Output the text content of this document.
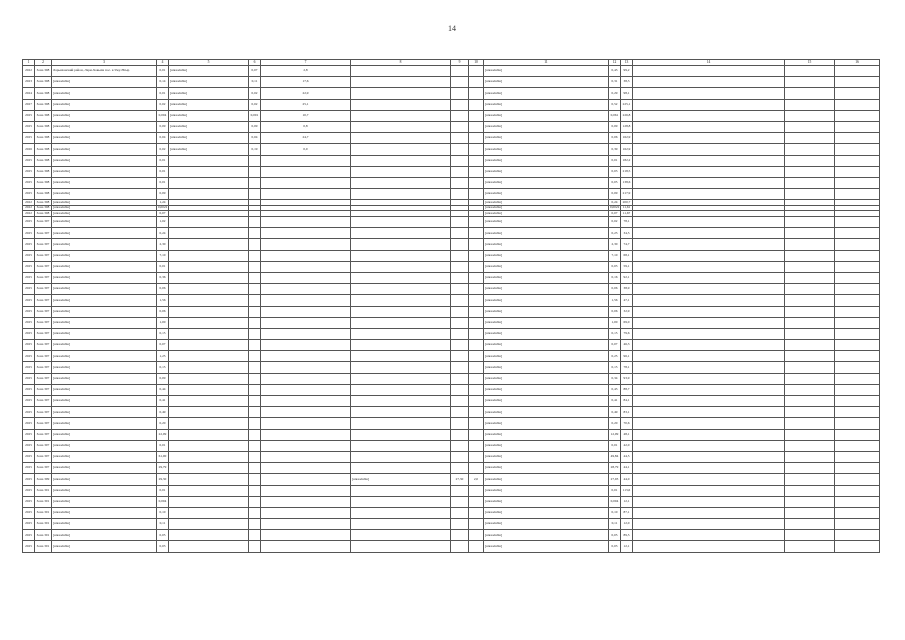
14
1	2	3	4	5	6	7	8	9	10	11	12	13	14	15	16
2022	Зона 308	Ларьяханский район, Лари-Ховыли пос. в Ужу-Нгыр	0,01	[unreadable]	0,07	2,8				[unreadable]	0,43	99,2			
2023	Зона 308	[unreadable]	0,14	[unreadable]	0,11	17,6				[unreadable]	0,31	38,3			
2024	Зона 308	[unreadable]	0,01	[unreadable]	0,02	22,9				[unreadable]	0,29	98,1			
2027	Зона 308	[unreadable]	0,02	[unreadable]	0,02	25,1				[unreadable]	0,52	225,1			
2025	Зона 308	[unreadable]	0,004	[unreadable]	0,001	10,7				[unreadable]	0,061	226,8			
2025	Зона 308	[unreadable]	0,09	[unreadable]	0,09	0,8				[unreadable]	0,09	128,8			
2025	Зона 308	[unreadable]	0,04	[unreadable]	0,04	24,7				[unreadable]	0,06	162,9			
2026	Зона 308	[unreadable]	0,02	[unreadable]	0,19	0,0				[unreadable]	0,39	162,9			
2025	Зона 308	[unreadable]	0,01							[unreadable]	0,01	182,2			
2025	Зона 308	[unreadable]	0,01							[unreadable]	0,03	218,5			
2025	Зона 308	[unreadable]	0,01							[unreadable]	0,05	138,6			
2025	Зона 308	[unreadable]	0,09							[unreadable]	0,09	217,9			
2022	Зона 308	[unreadable]	1,24							[unreadable]	0,24	200,7			
2022	Зона 308	[unreadable]	0,0022							[unreadable]	0,0022	11,61			
2022	Зона 308	[unreadable]	0,07							[unreadable]	0,07	11,67			
2025	Зона 307	[unreadable]	1,02							[unreadable]	0,02	78,1			
2025	Зона 307	[unreadable]	0,24							[unreadable]	0,23	34,5			
2025	Зона 307	[unreadable]	2,30							[unreadable]	2,30	74,7			
2025	Зона 307	[unreadable]	7,10							[unreadable]	7,10	68,1			
2025	Зона 307	[unreadable]	0,01							[unreadable]	0,03	59,1			
2025	Зона 307	[unreadable]	0,36							[unreadable]	0,16	92,1			
2025	Зона 307	[unreadable]	0,06							[unreadable]	0,06	38,9			
2025	Зона 307	[unreadable]	1,56							[unreadable]	1,56	47,1			
2025	Зона 307	[unreadable]	0,06							[unreadable]	0,06	32,9			
2025	Зона 307	[unreadable]	1,00							[unreadable]	1,00	69,0			
2025	Зона 307	[unreadable]	0,15							[unreadable]	0,15	79,6			
2025	Зона 307	[unreadable]	0,07							[unreadable]	0,07	46,3			
2025	Зона 307	[unreadable]	1,25							[unreadable]	0,25	96,1			
2025	Зона 307	[unreadable]	0,15							[unreadable]	0,15	78,1			
2025	Зона 307	[unreadable]	0,09							[unreadable]	0,34	93,9			
2025	Зона 307	[unreadable]	0,44							[unreadable]	0,43	88,7			
2025	Зона 307	[unreadable]	0,41							[unreadable]	0,41	84,1			
2025	Зона 307	[unreadable]	0,49							[unreadable]	0,49	83,1			
2025	Зона 307	[unreadable]	0,20							[unreadable]	0,20	70,6			
2025	Зона 307	[unreadable]	22,09							[unreadable]	12,09	48,1			
2025	Зона 307	[unreadable]	0,01							[unreadable]	0,01	42,0			
2025	Зона 307	[unreadable]	61,00							[unreadable]	49,84	44,5			
2025	Зона 307	[unreadable]	29,79							[unreadable]	28,79	44,1			
2025	Зона 309	[unreadable]	29,30				[unreadable]	27,30	2,0	[unreadable]	27,93	44,0			
2025	Зона 301	[unreadable]	0,01							[unreadable]	0,01	113,6			
2025	Зона 301	[unreadable]	0,004							[unreadable]	0,004	12,1			
2025	Зона 301	[unreadable]	0,10							[unreadable]	0,10	87,1			
2025	Зона 301	[unreadable]	0,11							[unreadable]	0,11	12,0			
2025	Зона 301	[unreadable]	0,05							[unreadable]	0,05	89,5			
2025	Зона 301	[unreadable]	0,03							[unreadable]	0,03	12,1			
